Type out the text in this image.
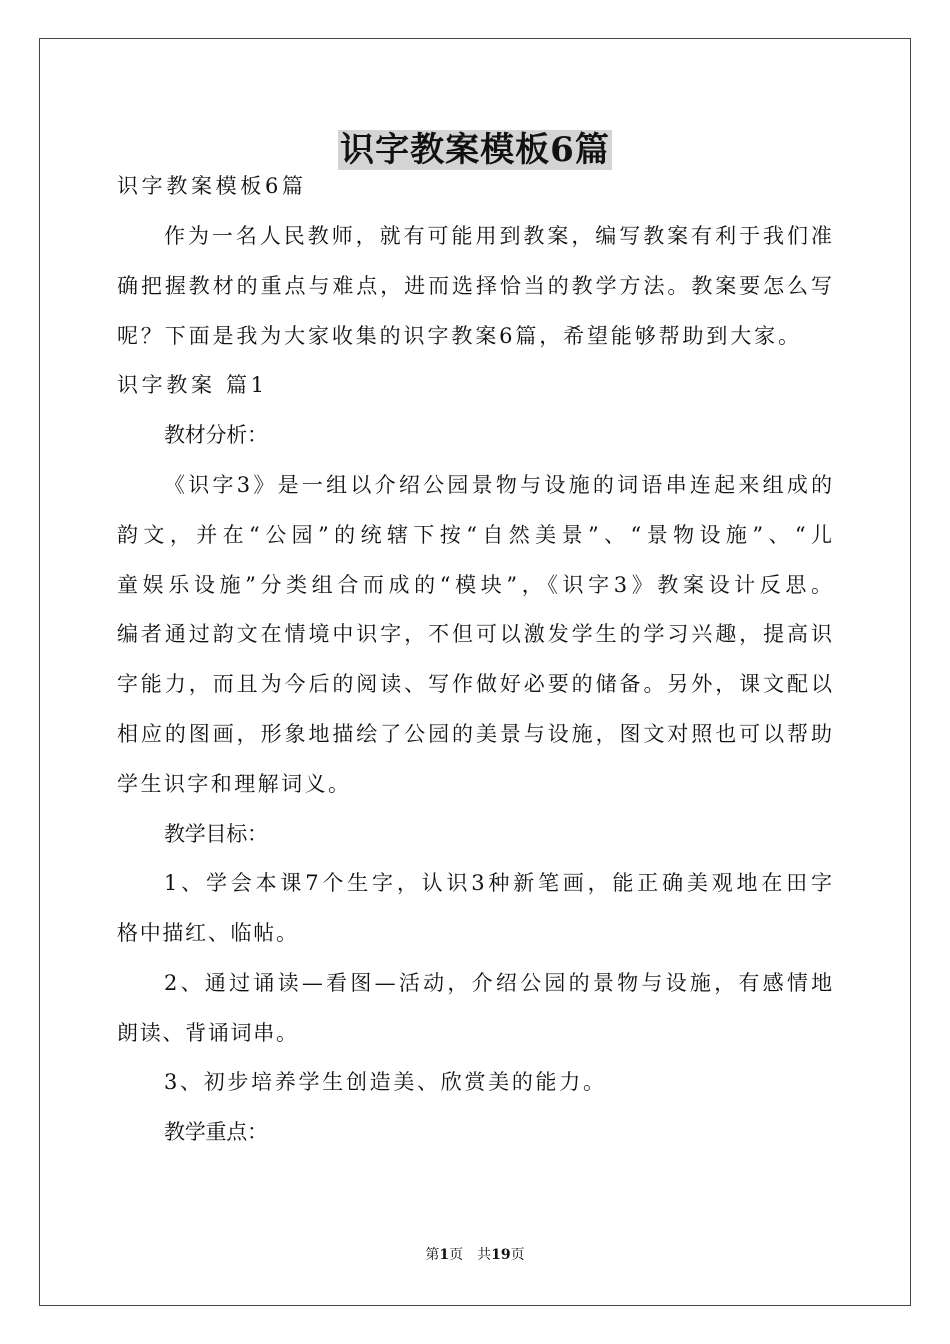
识字教案模板6篇
识字教案模板6篇
作为一名人民教师，就有可能用到教案，编写教案有利于我们准
确把握教材的重点与难点，进而选择恰当的教学方法。教案要怎么写
呢？下面是我为大家收集的识字教案6篇，希望能够帮助到大家。
识字教案 篇1
教材分析：
《识字3》是一组以介绍公园景物与设施的词语串连起来组成的
韵文，并在“公园”的统辖下按“自然美景”、“景物设施”、“儿
童娱乐设施”分类组合而成的“模块”，《识字3》教案设计反思。
编者通过韵文在情境中识字，不但可以激发学生的学习兴趣，提高识
字能力，而且为今后的阅读、写作做好必要的储备。另外，课文配以
相应的图画，形象地描绘了公园的美景与设施，图文对照也可以帮助
学生识字和理解词义。
教学目标：
1、学会本课7个生字，认识3种新笔画，能正确美观地在田字
格中描红、临帖。
2、通过诵读—看图—活动，介绍公园的景物与设施，有感情地
朗读、背诵词串。
3、初步培养学生创造美、欣赏美的能力。
教学重点：
第1页　共19页
